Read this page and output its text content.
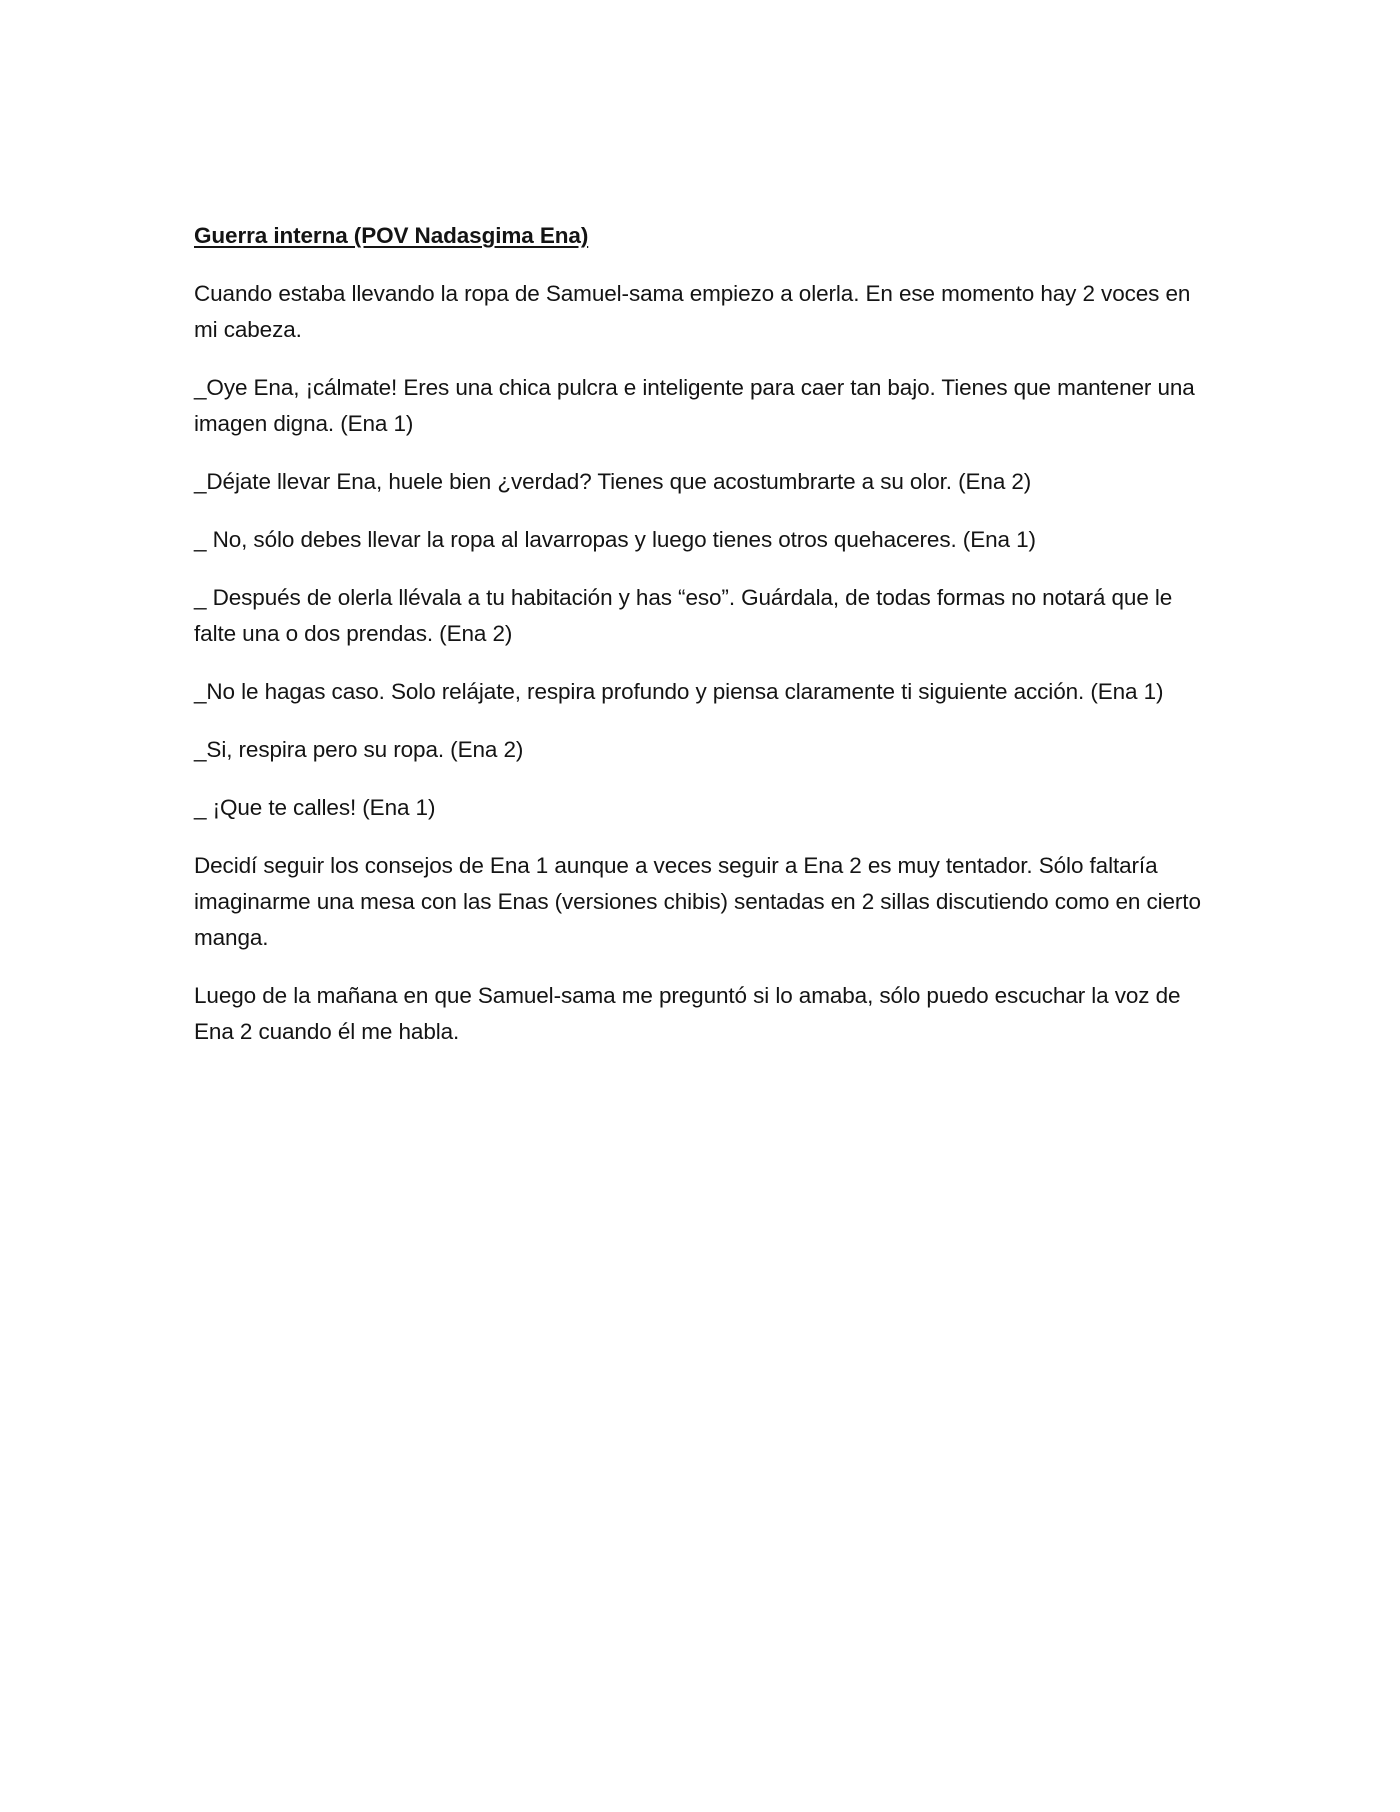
Guerra interna (POV Nadasgima Ena)

Cuando estaba llevando la ropa de Samuel-sama empiezo a olerla. En ese momento hay 2 voces en mi cabeza.

_Oye Ena, ¡cálmate! Eres una chica pulcra e inteligente para caer tan bajo. Tienes que mantener una imagen digna. (Ena 1)

_Déjate llevar Ena, huele bien ¿verdad? Tienes que acostumbrarte a su olor. (Ena 2)

_ No, sólo debes llevar la ropa al lavarropas y luego tienes otros quehaceres. (Ena 1)

_ Después de olerla llévala a tu habitación y has “eso”. Guárdala, de todas formas no notará que le falte una o dos prendas. (Ena 2)

_No le hagas caso. Solo relájate, respira profundo y piensa claramente ti siguiente acción. (Ena 1)

_Si, respira pero su ropa. (Ena 2)

_ ¡Que te calles! (Ena 1)

Decidí seguir los consejos de Ena 1 aunque a veces seguir a Ena 2 es muy tentador. Sólo faltaría imaginarme una mesa con las Enas (versiones chibis) sentadas en 2 sillas discutiendo como en cierto manga.

Luego de la mañana en que Samuel-sama me preguntó si lo amaba, sólo puedo escuchar la voz de Ena 2 cuando él me habla.
